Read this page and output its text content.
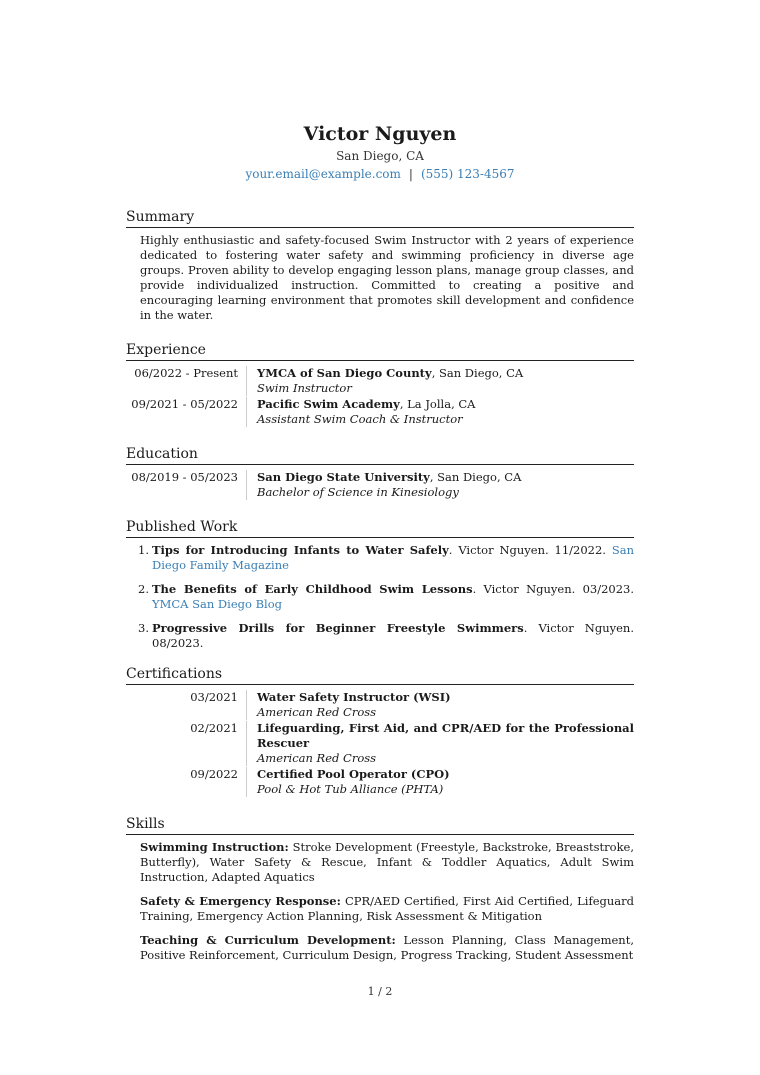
Victor Nguyen
San Diego, CA
your.email@example.com | (555) 123-4567
Summary
Highly enthusiastic and safety-focused Swim Instructor with 2 years of experience dedicated to fostering water safety and swimming proficiency in diverse age groups. Proven ability to develop engaging lesson plans, manage group classes, and provide individualized instruction. Committed to creating a positive and encouraging learning environment that promotes skill development and confidence in the water.
Experience
06/2022 - Present	YMCA of San Diego County, San Diego, CA
Swim Instructor
09/2021 - 05/2022	Pacific Swim Academy, La Jolla, CA
Assistant Swim Coach & Instructor
Education
08/2019 - 05/2023	San Diego State University, San Diego, CA
Bachelor of Science in Kinesiology
Published Work
1. Tips for Introducing Infants to Water Safely. Victor Nguyen. 11/2022. San Diego Family Magazine
2. The Benefits of Early Childhood Swim Lessons. Victor Nguyen. 03/2023. YMCA San Diego Blog
3. Progressive Drills for Beginner Freestyle Swimmers. Victor Nguyen. 08/2023.
Certifications
03/2021	Water Safety Instructor (WSI)
American Red Cross
02/2021	Lifeguarding, First Aid, and CPR/AED for the Professional Rescuer
American Red Cross
09/2022	Certified Pool Operator (CPO)
Pool & Hot Tub Alliance (PHTA)
Skills
Swimming Instruction: Stroke Development (Freestyle, Backstroke, Breaststroke, Butterfly), Water Safety & Rescue, Infant & Toddler Aquatics, Adult Swim Instruction, Adapted Aquatics
Safety & Emergency Response: CPR/AED Certified, First Aid Certified, Lifeguard Training, Emergency Action Planning, Risk Assessment & Mitigation
Teaching & Curriculum Development: Lesson Planning, Class Management, Positive Reinforcement, Curriculum Design, Progress Tracking, Student Assessment
1 / 2
